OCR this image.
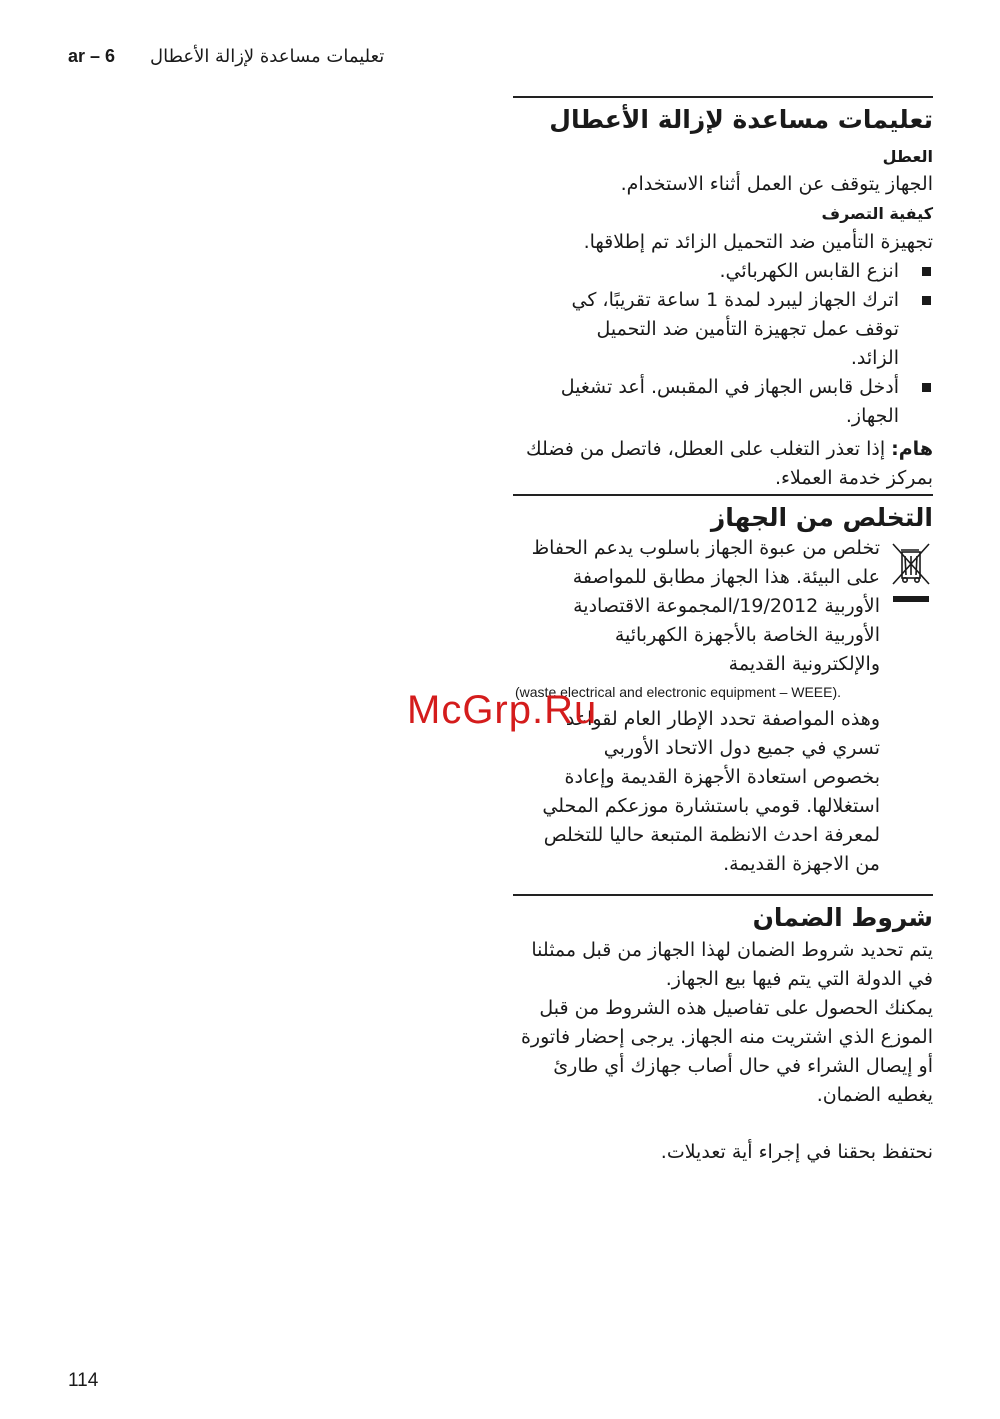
ar – 6 تعليمات مساعدة لإزالة الأعطال
تعليمات مساعدة لإزالة الأعطال
العطل
الجهاز يتوقف عن العمل أثناء الاستخدام.
كيفية التصرف
تجهيزة التأمين ضد التحميل الزائد تم إطلاقها.
انزع القابس الكهربائي.
اترك الجهاز ليبرد لمدة 1 ساعة تقريبًا، كي توقف عمل تجهيزة التأمين ضد التحميل الزائد.
أدخل قابس الجهاز في المقبس. أعد تشغيل الجهاز.
هام: إذا تعذر التغلب على العطل، فاتصل من فضلك بمركز خدمة العملاء.
التخلص من الجهاز
تخلص من عبوة الجهاز باسلوب يدعم الحفاظ
على البيئة. هذا الجهاز مطابق للمواصفة
الأوربية 19/2012/المجموعة الاقتصادية
الأوربية الخاصة بالأجهزة الكهربائية
والإلكترونية القديمة
(waste electrical and electronic equipment – WEEE).
وهذه المواصفة تحدد الإطار العام لقواعد
تسري في جميع دول الاتحاد الأوربي
بخصوص استعادة الأجهزة القديمة وإعادة
استغلالها. قومي باستشارة موزعكم المحلي
لمعرفة احدث الانظمة المتبعة حاليا للتخلص
من الاجهزة القديمة.
McGrp.Ru
شروط الضمان
يتم تحديد شروط الضمان لهذا الجهاز من قبل ممثلنا في الدولة التي يتم فيها بيع الجهاز.
يمكنك الحصول على تفاصيل هذه الشروط من قبل الموزع الذي اشتريت منه الجهاز. يرجى إحضار فاتورة أو إيصال الشراء في حال أصاب جهازك أي طارئ يغطيه الضمان.
نحتفظ بحقنا في إجراء أية تعديلات.
114
